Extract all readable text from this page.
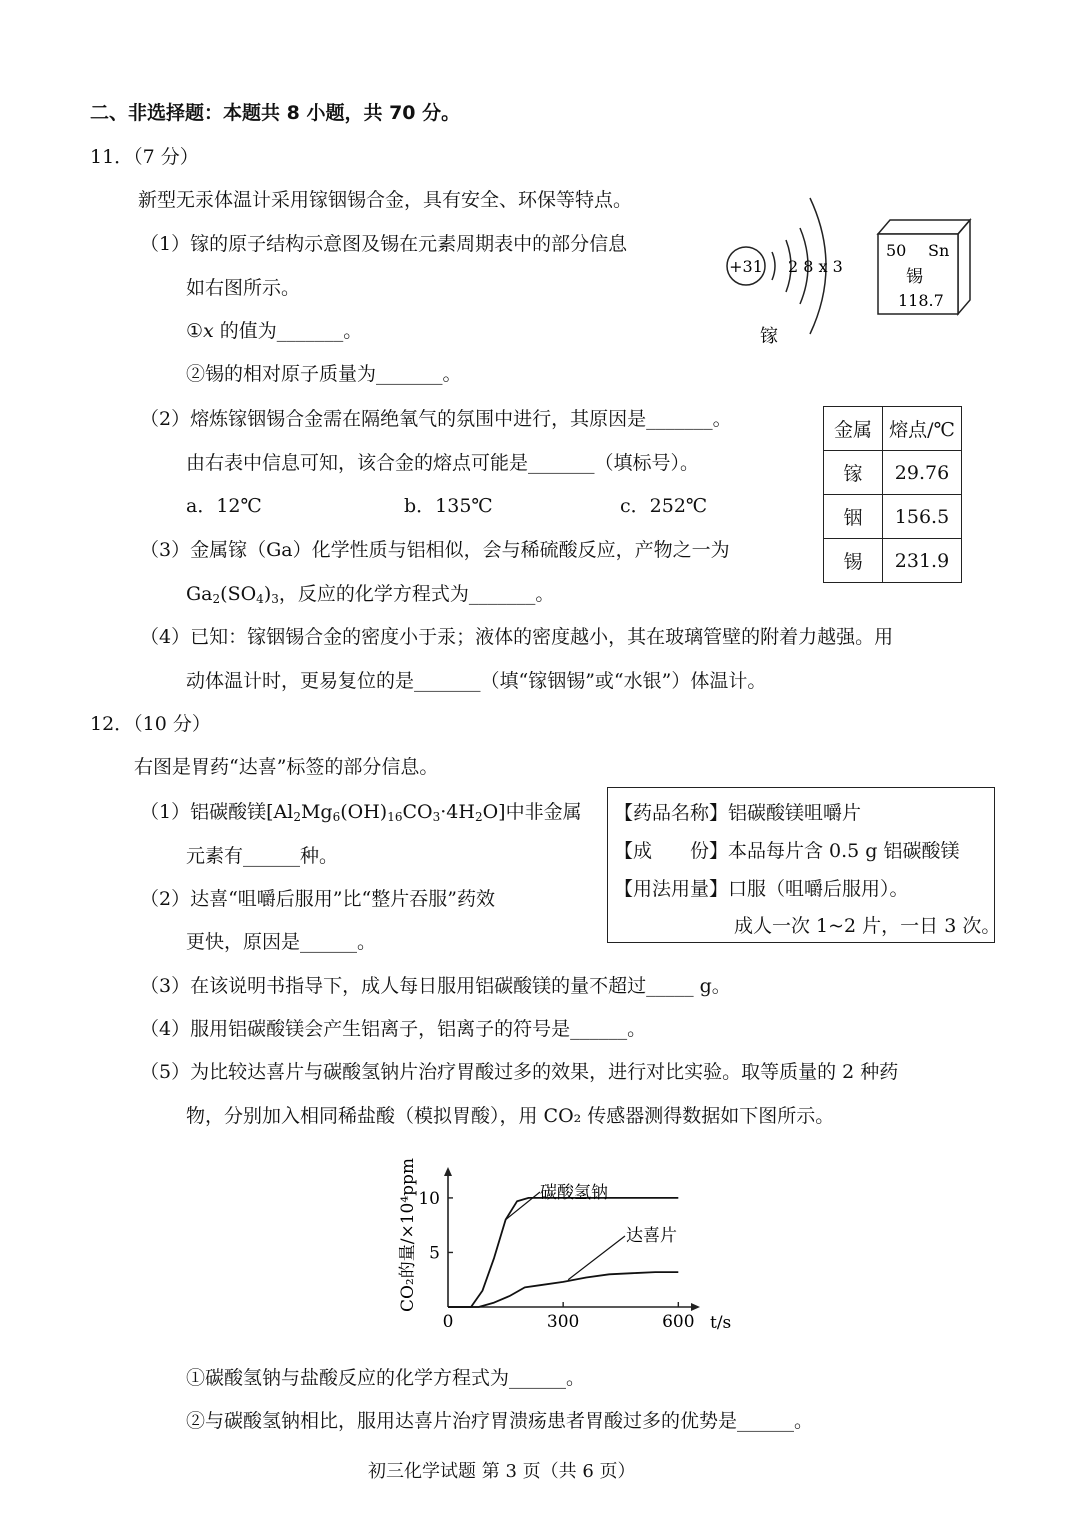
二、非选择题：本题共 8 小题，共 70 分。
11．（7 分）
新型无汞体温计采用镓铟锡合金，具有安全、环保等特点。
（1）镓的原子结构示意图及锡在元素周期表中的部分信息
如右图所示。
①x 的值为_______。
②锡的相对原子质量为_______。
+31 2 8 x 3
镓
50 Sn
锡
118.7
（2）熔炼镓铟锡合金需在隔绝氧气的氛围中进行，其原因是_______。
由右表中信息可知，该合金的熔点可能是_______（填标号）。
a．12℃	b．135℃	c．252℃
金属	熔点/℃
镓	29.76
铟	156.5
锡	231.9
（3）金属镓（Ga）化学性质与铝相似，会与稀硫酸反应，产物之一为
$Ga_2(SO_4)_3$，反应的化学方程式为_______。
（4）已知：镓铟锡合金的密度小于汞；液体的密度越小，其在玻璃管壁的附着力越强。用
动体温计时，更易复位的是_______（填“镓铟锡”或“水银”）体温计。
12．（10 分）
右图是胃药“达喜”标签的部分信息。
（1）铝碳酸镁$[Al_2Mg_6(OH)_{16}CO_3\cdot 4H_2O]$中非金属
元素有______种。
（2）达喜“咀嚼后服用”比“整片吞服”药效
更快，原因是______。
【药品名称】铝碳酸镁咀嚼片
【成　　份】本品每片含 0.5 g 铝碳酸镁
【用法用量】口服（咀嚼后服用）。
成人一次 1~2 片，一日 3 次。
（3）在该说明书指导下，成人每日服用铝碳酸镁的量不超过_____ g。
（4）服用铝碳酸镁会产生铝离子，铝离子的符号是______。
（5）为比较达喜片与碳酸氢钠片治疗胃酸过多的效果，进行对比实验。取等质量的 2 种药
物，分别加入相同稀盐酸（模拟胃酸），用 CO₂ 传感器测得数据如下图所示。
0	300	600
5
10
CO₂的量/×10⁴ppm
t/s
碳酸氢钠
达喜片
①碳酸氢钠与盐酸反应的化学方程式为______。
②与碳酸氢钠相比，服用达喜片治疗胃溃疡患者胃酸过多的优势是______。
初三化学试题 第 3 页（共 6 页）
